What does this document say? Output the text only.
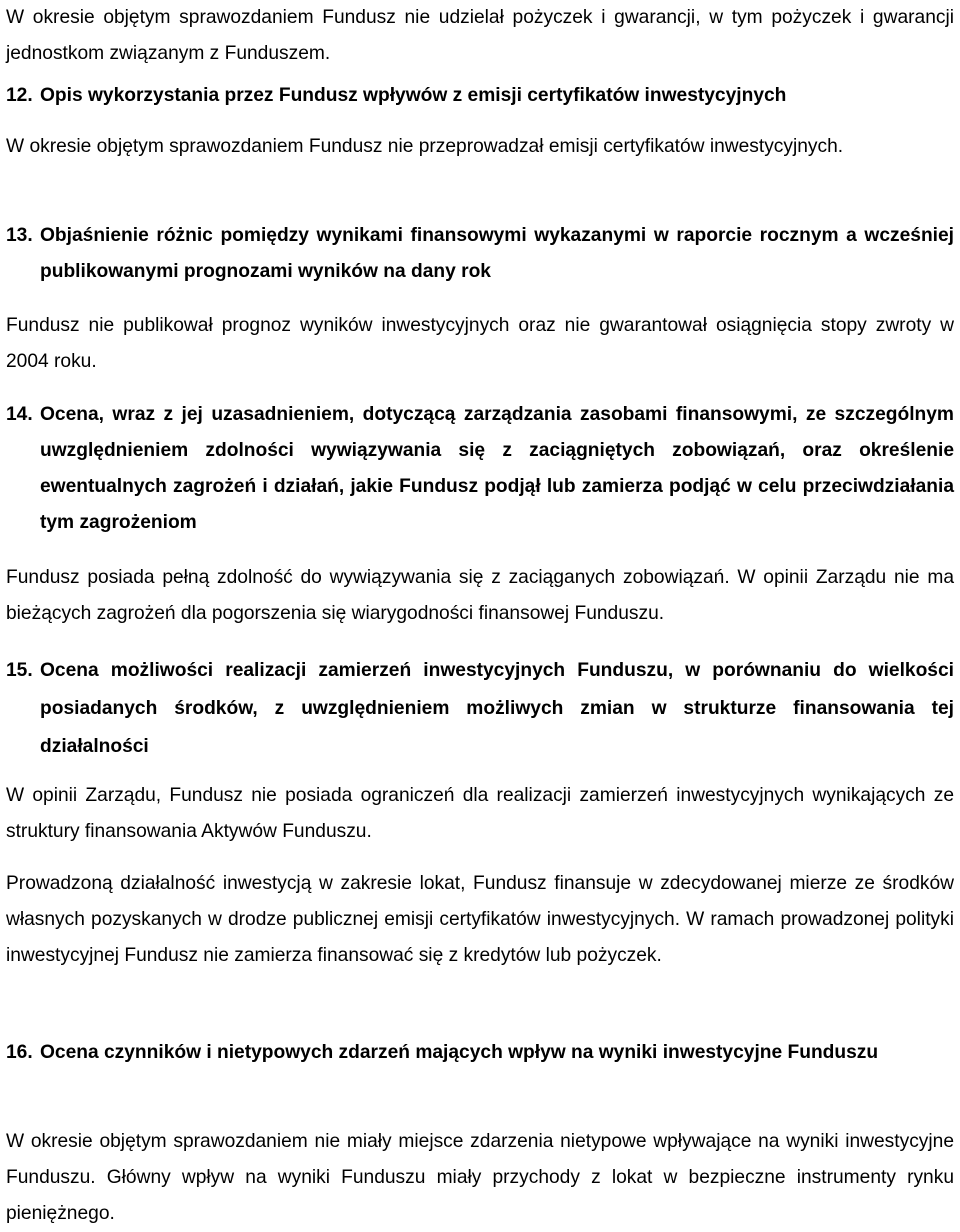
W okresie objętym sprawozdaniem Fundusz nie udzielał pożyczek i gwarancji, w tym pożyczek i gwarancji jednostkom związanym z Funduszem.

12. Opis wykorzystania przez Fundusz wpływów z emisji certyfikatów inwestycyjnych

W okresie objętym sprawozdaniem Fundusz nie przeprowadzał emisji certyfikatów inwestycyjnych.

13. Objaśnienie różnic pomiędzy wynikami finansowymi wykazanymi w raporcie rocznym a wcześniej publikowanymi prognozami wyników na dany rok

Fundusz nie publikował prognoz wyników inwestycyjnych oraz nie gwarantował osiągnięcia stopy zwroty w 2004 roku.

14. Ocena, wraz z jej uzasadnieniem, dotyczącą zarządzania zasobami finansowymi, ze szczególnym uwzględnieniem zdolności wywiązywania się z zaciągniętych zobowiązań, oraz określenie ewentualnych zagrożeń i działań, jakie Fundusz podjął lub zamierza podjąć w celu przeciwdziałania tym zagrożeniom

Fundusz posiada pełną zdolność do wywiązywania się z zaciąganych zobowiązań. W opinii Zarządu nie ma bieżących zagrożeń dla pogorszenia się wiarygodności finansowej Funduszu.

15. Ocena możliwości realizacji zamierzeń inwestycyjnych Funduszu, w porównaniu do wielkości posiadanych środków, z uwzględnieniem możliwych zmian w strukturze finansowania tej działalności

W opinii Zarządu, Fundusz nie posiada ograniczeń dla realizacji zamierzeń inwestycyjnych wynikających ze struktury finansowania Aktywów Funduszu.

Prowadzoną działalność inwestycją w zakresie lokat, Fundusz finansuje w zdecydowanej mierze ze środków własnych pozyskanych w drodze publicznej emisji certyfikatów inwestycyjnych. W ramach prowadzonej polityki inwestycyjnej Fundusz nie zamierza finansować się z kredytów lub pożyczek.

16. Ocena czynników i nietypowych zdarzeń mających wpływ na wyniki inwestycyjne Funduszu

W okresie objętym sprawozdaniem nie miały miejsce zdarzenia nietypowe wpływające na wyniki inwestycyjne Funduszu. Główny wpływ na wyniki Funduszu miały przychody z lokat w bezpieczne instrumenty rynku pieniężnego.
